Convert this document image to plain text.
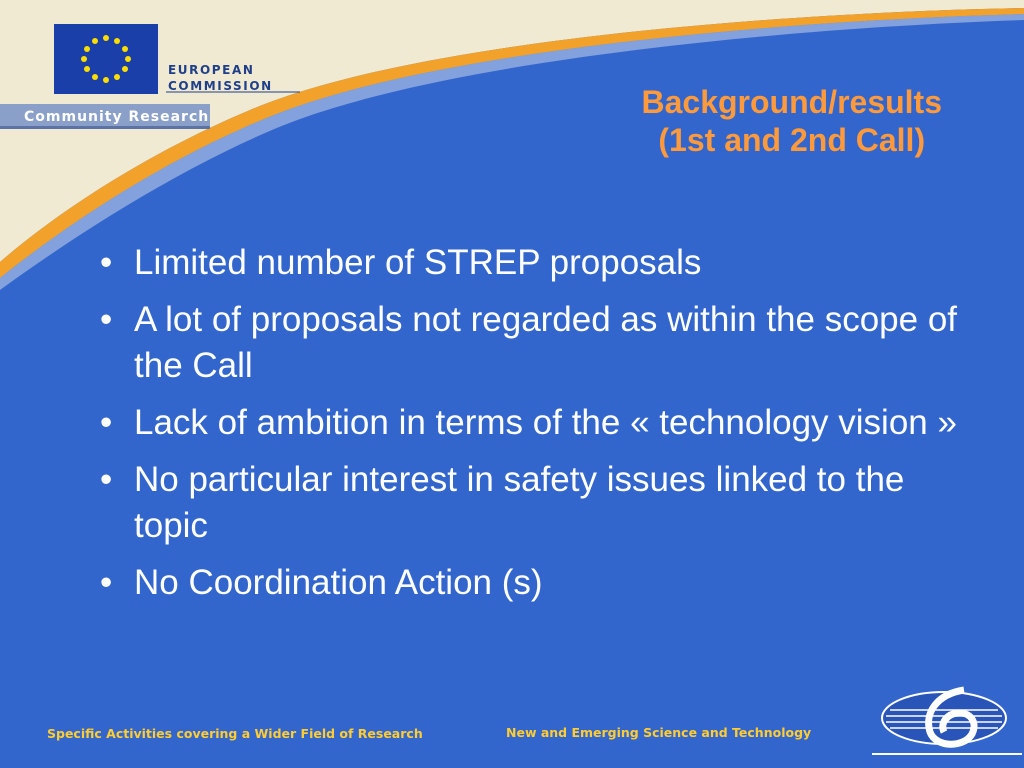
EUROPEAN
COMMISSION
Community Research	Background/results
(1st and 2nd Call)
• Limited number of STREP proposals
• A lot of proposals not regarded as within the scope of the Call
• Lack of ambition in terms of the « technology vision »
• No particular interest in safety issues linked to the topic
• No Coordination Action (s)
Specific Activities covering a Wider Field of Research	New and Emerging Science and Technology
